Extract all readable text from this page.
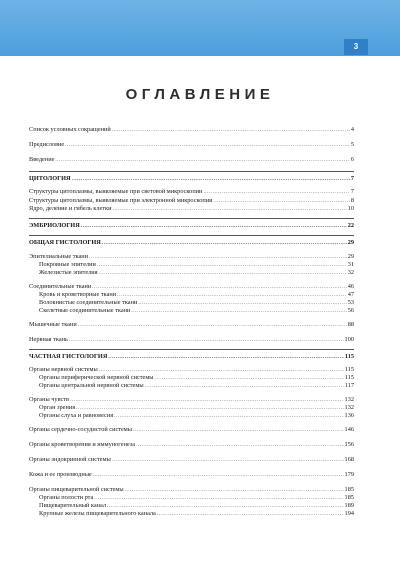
3
ОГЛАВЛЕНИЕ
Список условных сокращений .....	4
Предисловие .....	5
Введение .....	6
ЦИТОЛОГИЯ .....	7
Структуры цитоплазмы, выявляемые при световой микроскопии .....	7
Структуры цитоплазмы, выявляемые при электронной микроскопии .....	8
Ядро, деление и гибель клетки .....	10
ЭМБРИОЛОГИЯ .....	22
ОБЩАЯ ГИСТОЛОГИЯ .....	29
Эпителиальные ткани .....	29
Покровные эпителии .....	31
Железистые эпителия .....	32
Соединительные ткани .....	46
Кровь и кроветворные ткани .....	47
Волокнистые соединительные ткани .....	53
Скелетные соединительные ткани .....	56
Мышечные ткани .....	88
Нервная ткань .....	100
ЧАСТНАЯ ГИСТОЛОГИЯ .....	115
Органы нервной системы .....	115
Органы периферической нервной системы .....	115
Органы центральной нервной системы .....	117
Органы чувств .....	132
Орган зрения .....	132
Органы слуха и равновесия .....	136
Органы сердечно-сосудистой системы .....	146
Органы кроветворения и иммуногенеза .....	156
Органы эндокринной системы .....	168
Кожа и ее производные .....	179
Органы пищеварительной системы .....	185
Органы полости рта .....	185
Пищеварительный канал .....	189
Крупные железы пищеварительного канала .....	194
